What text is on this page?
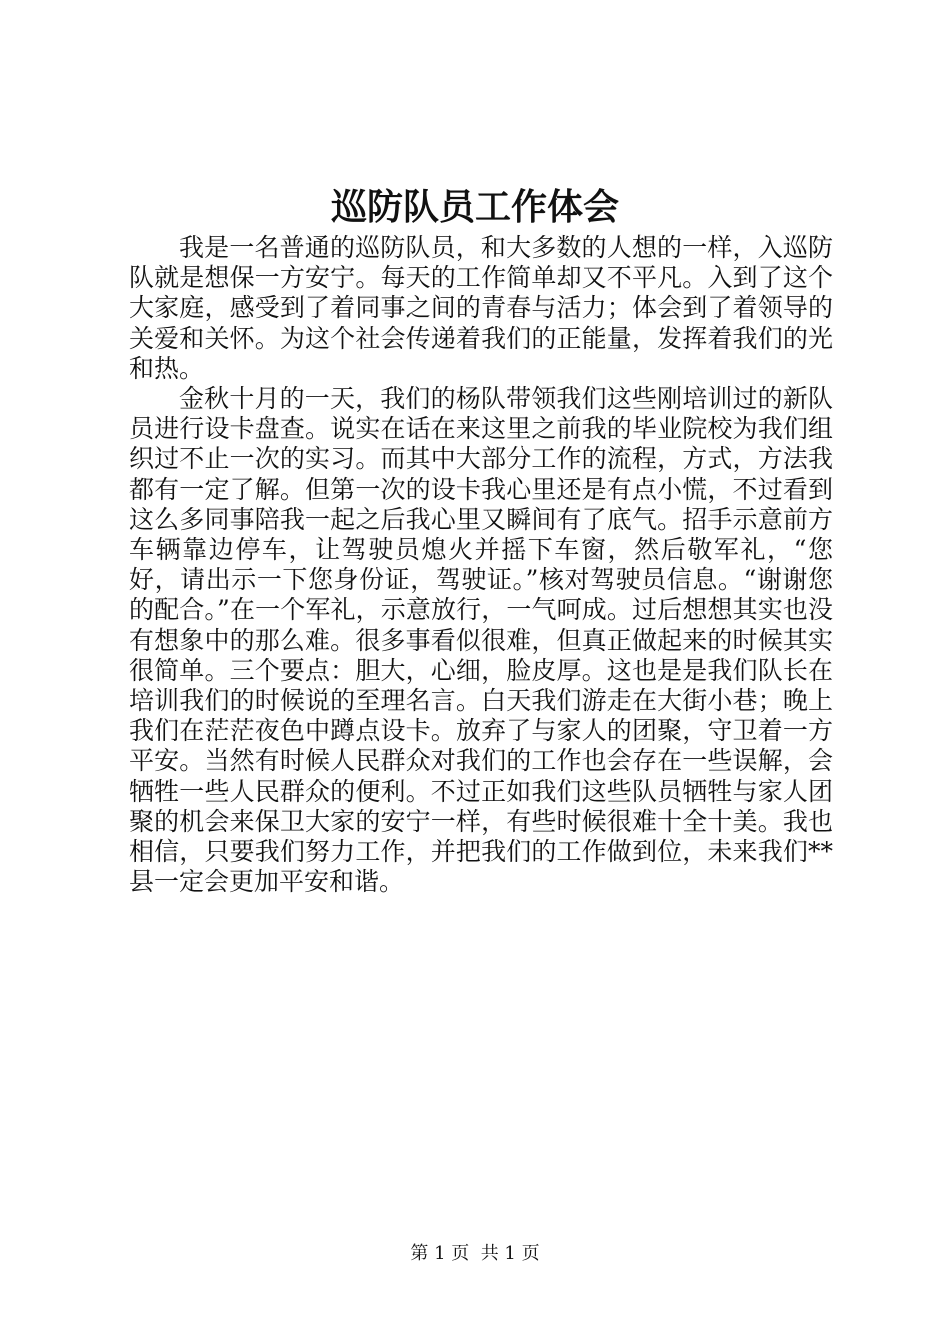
巡防队员工作体会

我是一名普通的巡防队员，和大多数的人想的一样，入巡防队就是想保一方安宁。每天的工作简单却又不平凡。入到了这个大家庭，感受到了着同事之间的青春与活力；体会到了着领导的关爱和关怀。为这个社会传递着我们的正能量，发挥着我们的光和热。

金秋十月的一天，我们的杨队带领我们这些刚培训过的新队员进行设卡盘查。说实在话在来这里之前我的毕业院校为我们组织过不止一次的实习。而其中大部分工作的流程，方式，方法我都有一定了解。但第一次的设卡我心里还是有点小慌，不过看到这么多同事陪我一起之后我心里又瞬间有了底气。招手示意前方车辆靠边停车，让驾驶员熄火并摇下车窗，然后敬军礼，“您好，请出示一下您身份证，驾驶证。”核对驾驶员信息。“谢谢您的配合。”在一个军礼，示意放行，一气呵成。过后想想其实也没有想象中的那么难。很多事看似很难，但真正做起来的时候其实很简单。三个要点：胆大，心细，脸皮厚。这也是是我们队长在培训我们的时候说的至理名言。白天我们游走在大街小巷；晚上我们在茫茫夜色中蹲点设卡。放弃了与家人的团聚，守卫着一方平安。当然有时候人民群众对我们的工作也会存在一些误解，会牺牲一些人民群众的便利。不过正如我们这些队员牺牲与家人团聚的机会来保卫大家的安宁一样，有些时候很难十全十美。我也相信，只要我们努力工作，并把我们的工作做到位，未来我们**县一定会更加平安和谐。

第 1 页  共 1 页
